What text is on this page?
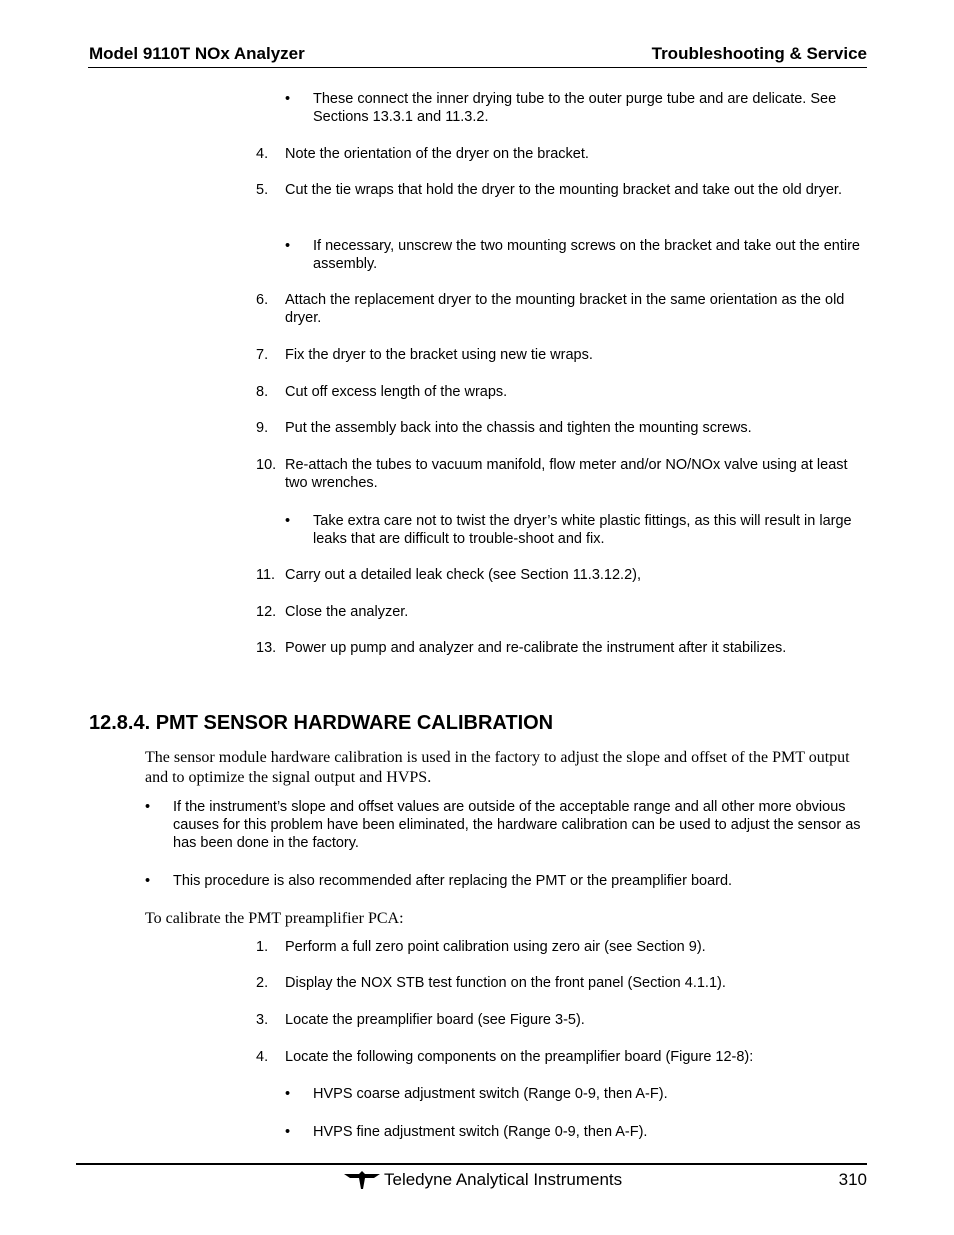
Model 9110T NOx Analyzer	Troubleshooting & Service
• These connect the inner drying tube to the outer purge tube and are delicate. See Sections 13.3.1 and 11.3.2.
4. Note the orientation of the dryer on the bracket.
5. Cut the tie wraps that hold the dryer to the mounting bracket and take out the old dryer.
• If necessary, unscrew the two mounting screws on the bracket and take out the entire assembly.
6. Attach the replacement dryer to the mounting bracket in the same orientation as the old dryer.
7. Fix the dryer to the bracket using new tie wraps.
8. Cut off excess length of the wraps.
9. Put the assembly back into the chassis and tighten the mounting screws.
10. Re-attach the tubes to vacuum manifold, flow meter and/or NO/NOx valve using at least two wrenches.
• Take extra care not to twist the dryer’s white plastic fittings, as this will result in large leaks that are difficult to trouble-shoot and fix.
11. Carry out a detailed leak check (see Section 11.3.12.2),
12. Close the analyzer.
13. Power up pump and analyzer and re-calibrate the instrument after it stabilizes.
12.8.4. PMT SENSOR HARDWARE CALIBRATION
The sensor module hardware calibration is used in the factory to adjust the slope and offset of the PMT output and to optimize the signal output and HVPS.
• If the instrument’s slope and offset values are outside of the acceptable range and all other more obvious causes for this problem have been eliminated, the hardware calibration can be used to adjust the sensor as has been done in the factory.
• This procedure is also recommended after replacing the PMT or the preamplifier board.
To calibrate the PMT preamplifier PCA:
1. Perform a full zero point calibration using zero air (see Section 9).
2. Display the NOX STB test function on the front panel (Section 4.1.1).
3. Locate the preamplifier board (see Figure 3-5).
4. Locate the following components on the preamplifier board (Figure 12-8):
• HVPS coarse adjustment switch (Range 0-9, then A-F).
• HVPS fine adjustment switch (Range 0-9, then A-F).
Teledyne Analytical Instruments	310
